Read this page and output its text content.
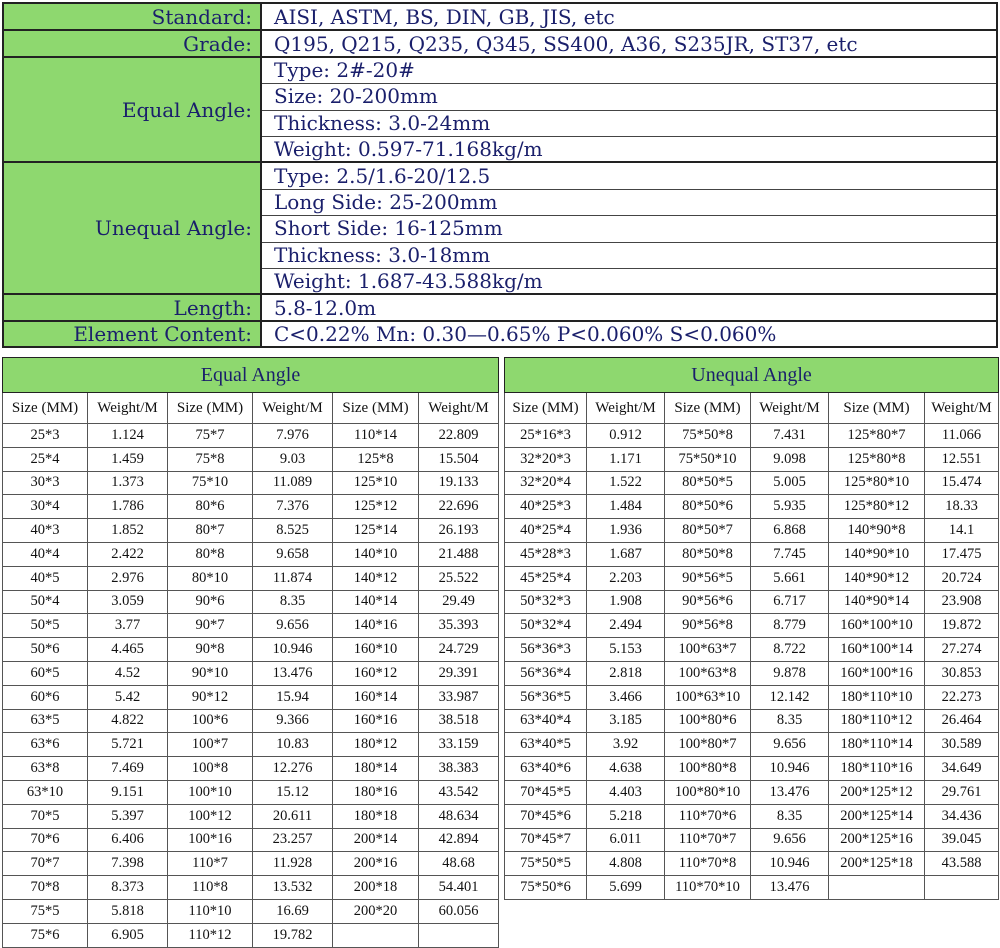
Standard:	AISI, ASTM, BS, DIN, GB, JIS, etc
Grade:	Q195, Q215, Q235, Q345, SS400, A36, S235JR, ST37, etc
Equal Angle:
Type: 2#-20#
Size: 20-200mm
Thickness: 3.0-24mm
Weight: 0.597-71.168kg/m
Unequal Angle:
Type: 2.5/1.6-20/12.5
Long Side: 25-200mm
Short Side: 16-125mm
Thickness: 3.0-18mm
Weight: 1.687-43.588kg/m
Length:	5.8-12.0m
Element Content:	C<0.22% Mn: 0.30—0.65% P<0.060% S<0.060%
Equal Angle					
Size (MM)	Weight/M	Size (MM)	Weight/M	Size (MM)	Weight/M
25*3	1.124	75*7	7.976	110*14	22.809
25*4	1.459	75*8	9.03	125*8	15.504
30*3	1.373	75*10	11.089	125*10	19.133
30*4	1.786	80*6	7.376	125*12	22.696
40*3	1.852	80*7	8.525	125*14	26.193
40*4	2.422	80*8	9.658	140*10	21.488
40*5	2.976	80*10	11.874	140*12	25.522
50*4	3.059	90*6	8.35	140*14	29.49
50*5	3.77	90*7	9.656	140*16	35.393
50*6	4.465	90*8	10.946	160*10	24.729
60*5	4.52	90*10	13.476	160*12	29.391
60*6	5.42	90*12	15.94	160*14	33.987
63*5	4.822	100*6	9.366	160*16	38.518
63*6	5.721	100*7	10.83	180*12	33.159
63*8	7.469	100*8	12.276	180*14	38.383
63*10	9.151	100*10	15.12	180*16	43.542
70*5	5.397	100*12	20.611	180*18	48.634
70*6	6.406	100*16	23.257	200*14	42.894
70*7	7.398	110*7	11.928	200*16	48.68
70*8	8.373	110*8	13.532	200*18	54.401
75*5	5.818	110*10	16.69	200*20	60.056
75*6	6.905	110*12	19.782		
Unequal Angle					
Size (MM)	Weight/M	Size (MM)	Weight/M	Size (MM)	Weight/M
25*16*3	0.912	75*50*8	7.431	125*80*7	11.066
32*20*3	1.171	75*50*10	9.098	125*80*8	12.551
32*20*4	1.522	80*50*5	5.005	125*80*10	15.474
40*25*3	1.484	80*50*6	5.935	125*80*12	18.33
40*25*4	1.936	80*50*7	6.868	140*90*8	14.1
45*28*3	1.687	80*50*8	7.745	140*90*10	17.475
45*25*4	2.203	90*56*5	5.661	140*90*12	20.724
50*32*3	1.908	90*56*6	6.717	140*90*14	23.908
50*32*4	2.494	90*56*8	8.779	160*100*10	19.872
56*36*3	5.153	100*63*7	8.722	160*100*14	27.274
56*36*4	2.818	100*63*8	9.878	160*100*16	30.853
56*36*5	3.466	100*63*10	12.142	180*110*10	22.273
63*40*4	3.185	100*80*6	8.35	180*110*12	26.464
63*40*5	3.92	100*80*7	9.656	180*110*14	30.589
63*40*6	4.638	100*80*8	10.946	180*110*16	34.649
70*45*5	4.403	100*80*10	13.476	200*125*12	29.761
70*45*6	5.218	110*70*6	8.35	200*125*14	34.436
70*45*7	6.011	110*70*7	9.656	200*125*16	39.045
75*50*5	4.808	110*70*8	10.946	200*125*18	43.588
75*50*6	5.699	110*70*10	13.476		
